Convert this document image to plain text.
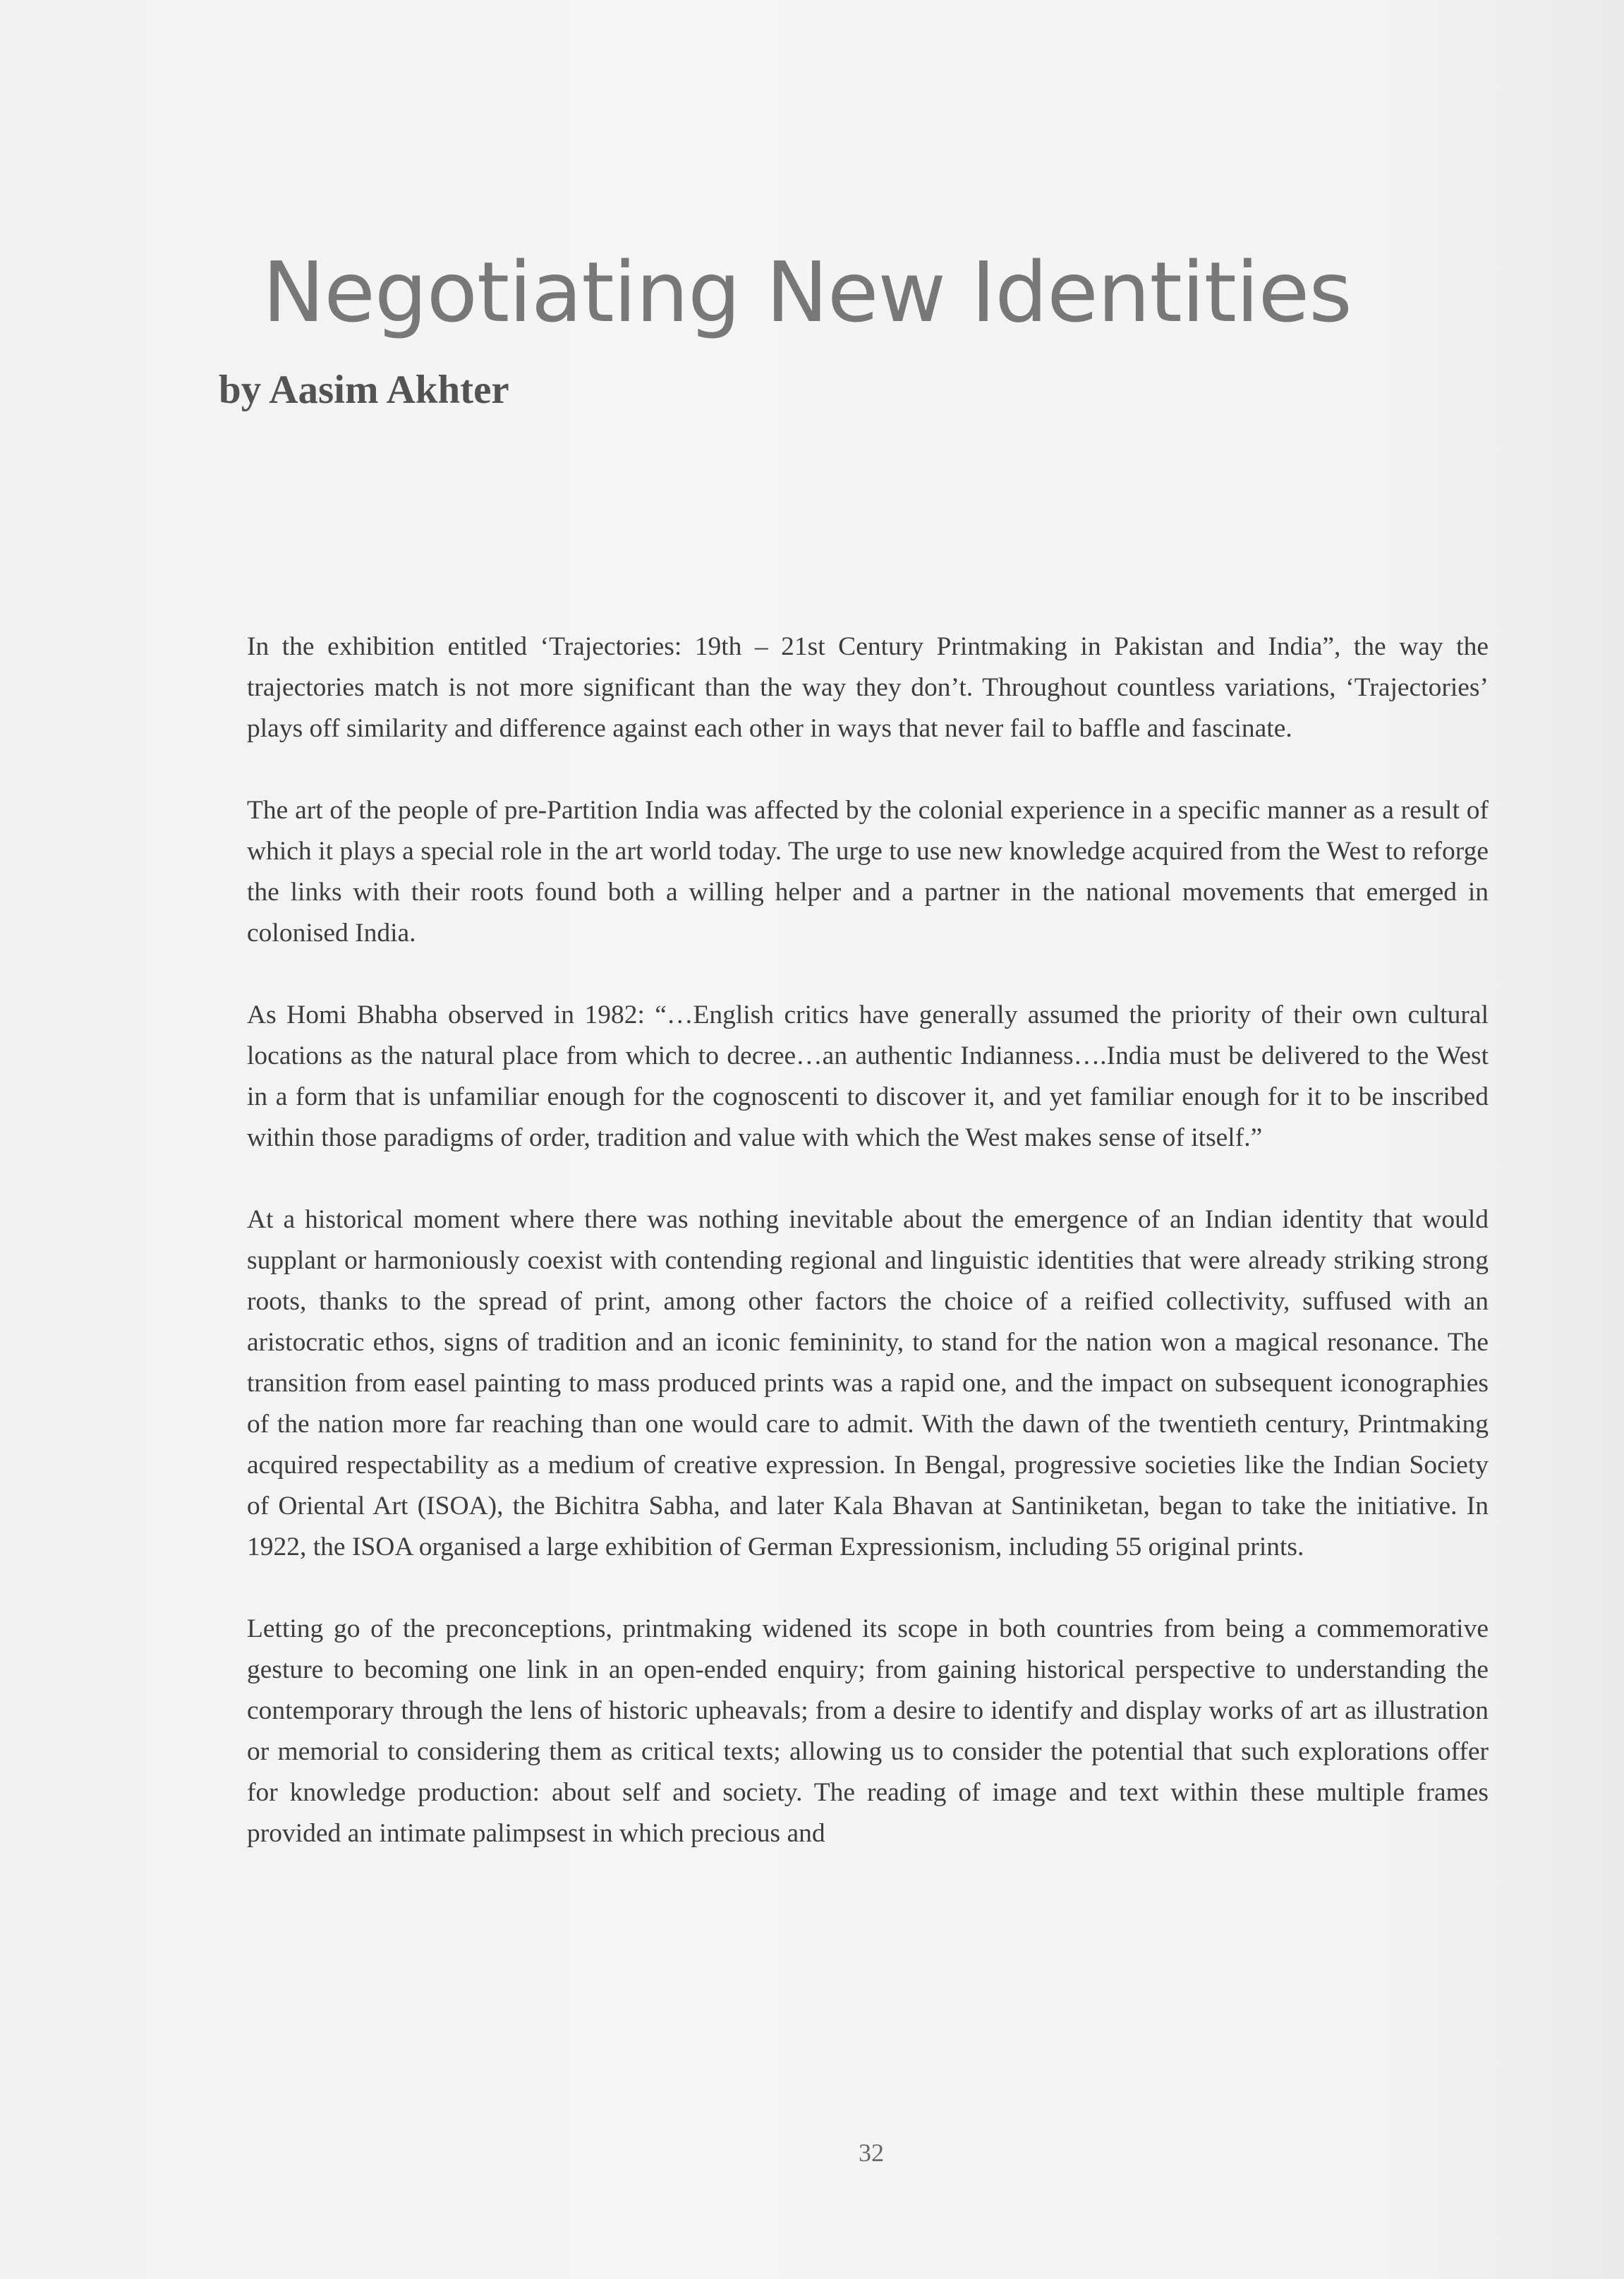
Negotiating New Identities
by Aasim Akhter

In the exhibition entitled ‘Trajectories: 19th – 21st Century Printmaking in Pakistan and India”, the way the trajectories match is not more significant than the way they don’t. Throughout countless variations, ‘Trajectories’ plays off similarity and difference against each other in ways that never fail to baffle and fascinate.

The art of the people of pre-Partition India was affected by the colonial experience in a specific manner as a result of which it plays a special role in the art world today. The urge to use new knowledge acquired from the West to reforge the links with their roots found both a willing helper and a partner in the national movements that emerged in colonised India.

As Homi Bhabha observed in 1982: “…English critics have generally assumed the priority of their own cultural locations as the natural place from which to decree…an authentic Indianness….India must be delivered to the West in a form that is unfamiliar enough for the cognoscenti to discover it, and yet familiar enough for it to be inscribed within those paradigms of order, tradition and value with which the West makes sense of itself.”

At a historical moment where there was nothing inevitable about the emergence of an Indian identity that would supplant or harmoniously coexist with contending regional and linguistic identities that were already striking strong roots, thanks to the spread of print, among other factors the choice of a reified collectivity, suffused with an aristocratic ethos, signs of tradition and an iconic femininity, to stand for the nation won a magical resonance. The transition from easel painting to mass produced prints was a rapid one, and the impact on subsequent iconographies of the nation more far reaching than one would care to admit. With the dawn of the twentieth century, Printmaking acquired respectability as a medium of creative expression. In Bengal, progressive societies like the Indian Society of Oriental Art (ISOA), the Bichitra Sabha, and later Kala Bhavan at Santiniketan, began to take the initiative. In 1922, the ISOA organised a large exhibition of German Expressionism, including 55 original prints.

Letting go of the preconceptions, printmaking widened its scope in both countries from being a commemorative gesture to becoming one link in an open-ended enquiry; from gaining historical perspective to understanding the contemporary through the lens of historic upheavals; from a desire to identify and display works of art as illustration or memorial to considering them as critical texts; allowing us to consider the potential that such explorations offer for knowledge production: about self and society. The reading of image and text within these multiple frames provided an intimate palimpsest in which precious and

32
